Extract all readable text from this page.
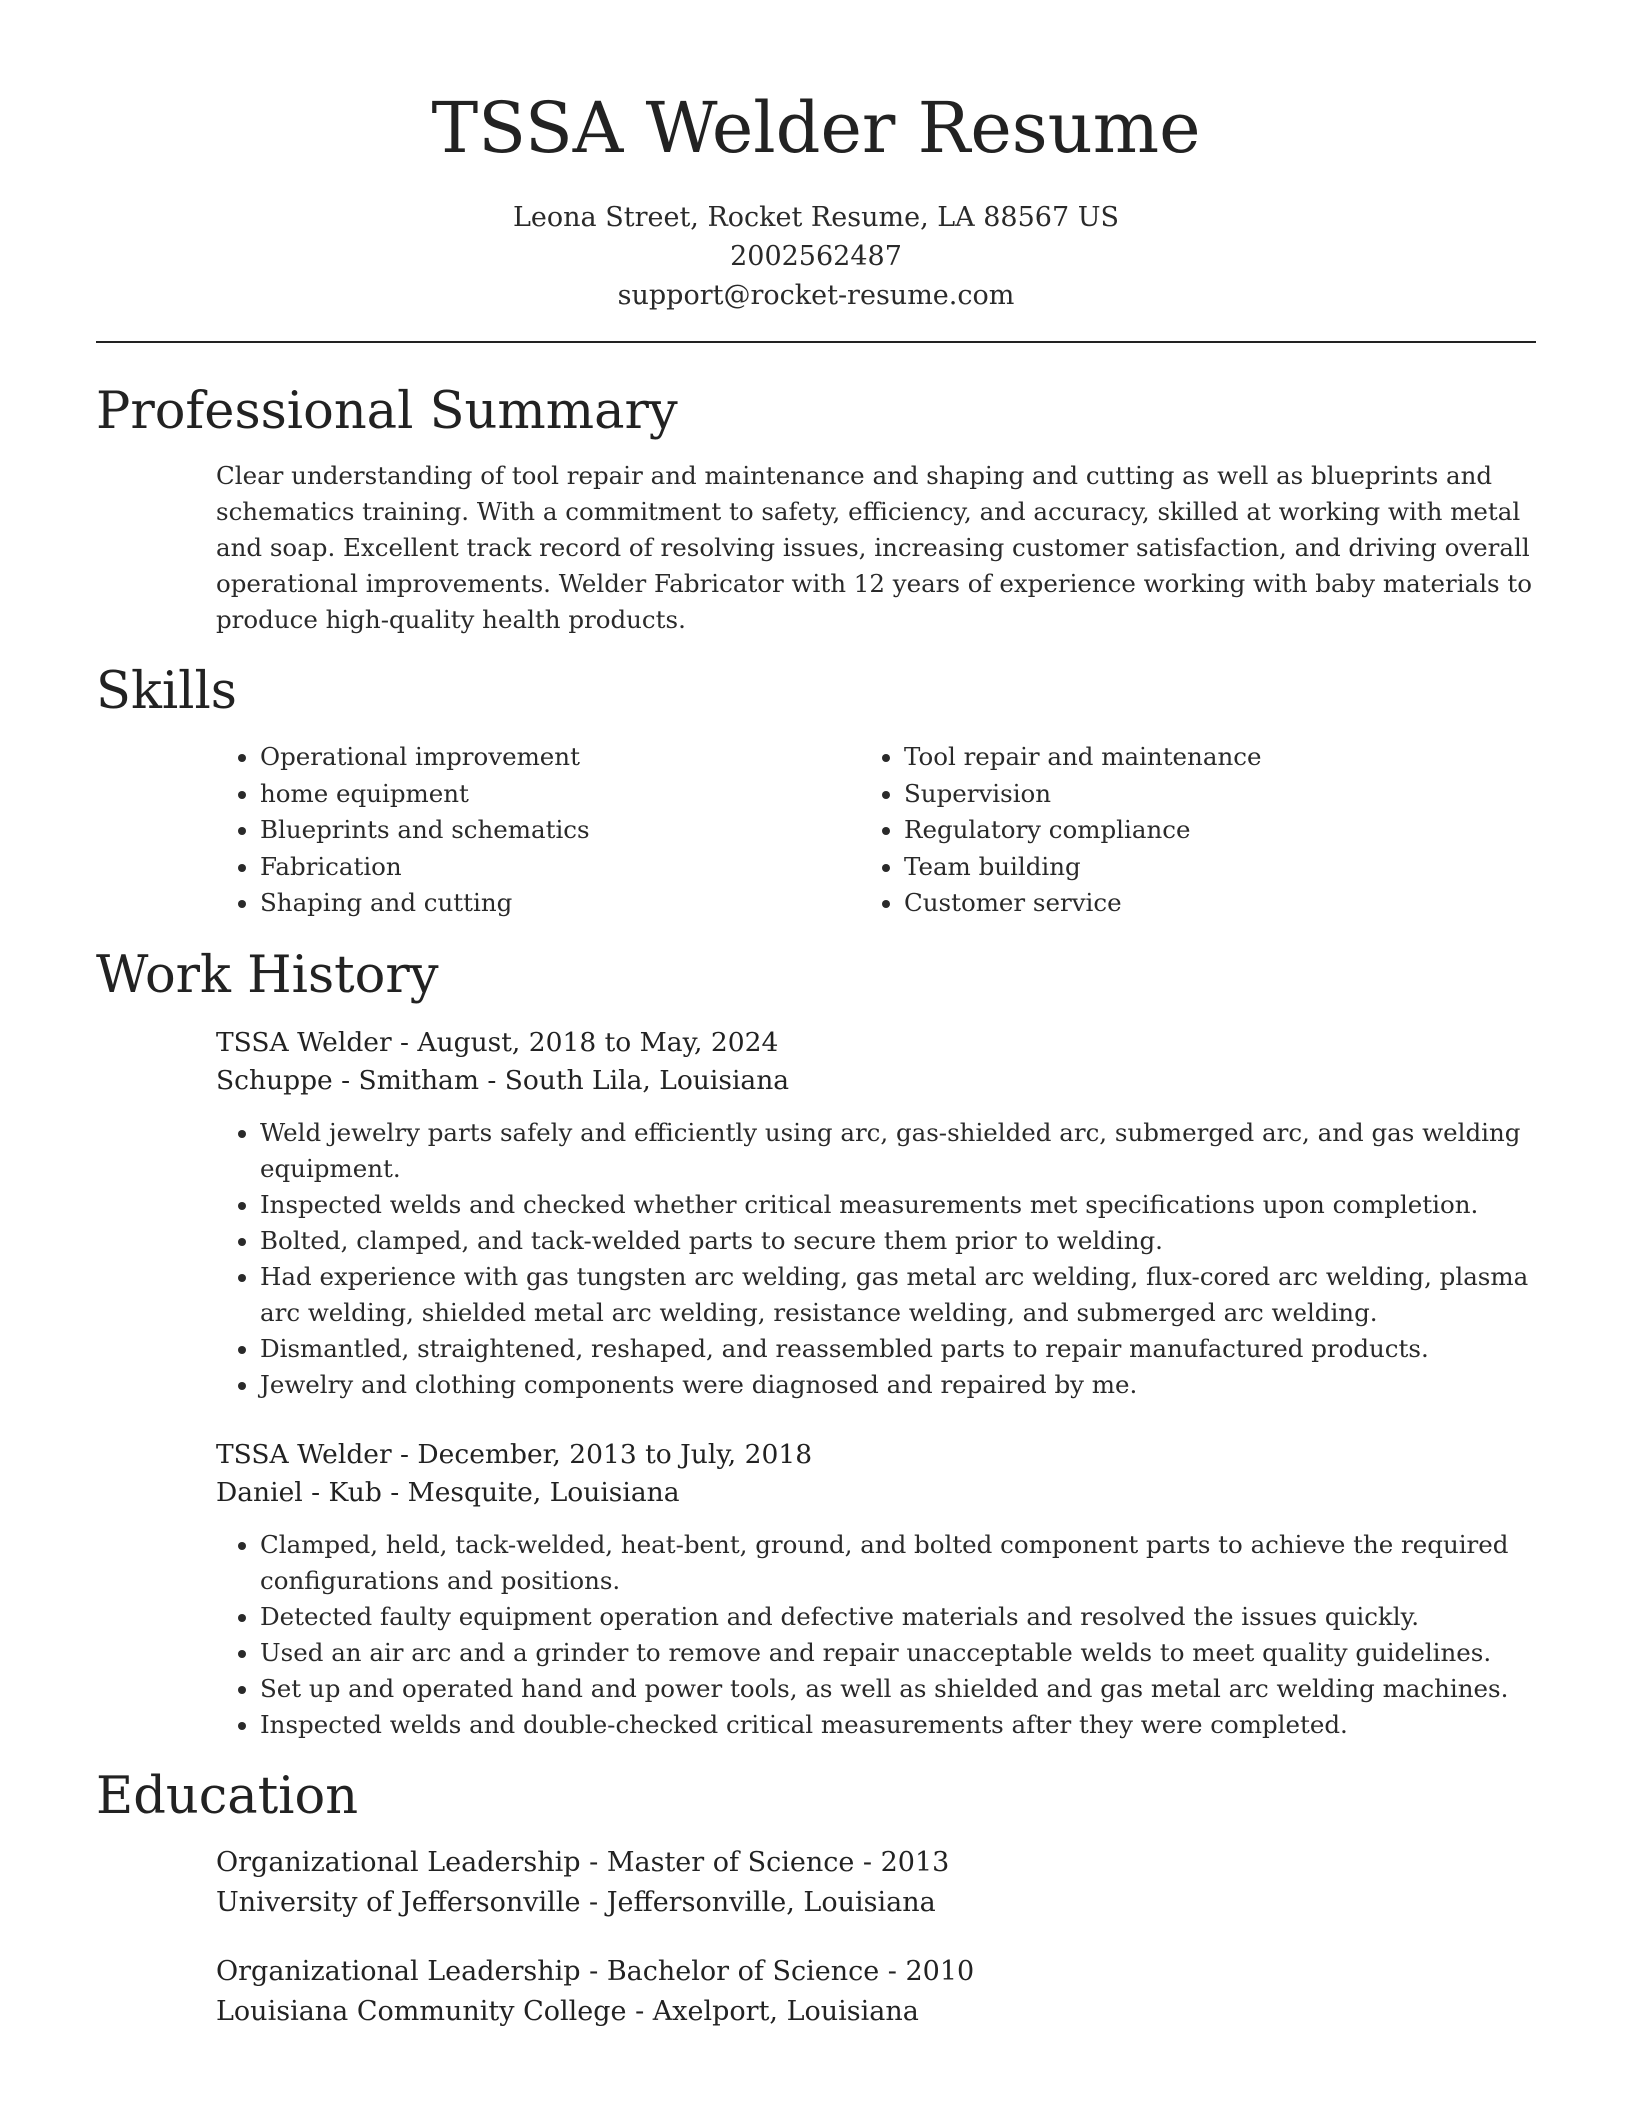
TSSA Welder Resume
Leona Street, Rocket Resume, LA 88567 US
2002562487
support@rocket-resume.com
Professional Summary
Clear understanding of tool repair and maintenance and shaping and cutting as well as blueprints and schematics training. With a commitment to safety, efficiency, and accuracy, skilled at working with metal and soap. Excellent track record of resolving issues, increasing customer satisfaction, and driving overall operational improvements. Welder Fabricator with 12 years of experience working with baby materials to produce high-quality health products.
Skills
• Operational improvement
• home equipment
• Blueprints and schematics
• Fabrication
• Shaping and cutting
• Tool repair and maintenance
• Supervision
• Regulatory compliance
• Team building
• Customer service
Work History
TSSA Welder - August, 2018 to May, 2024
Schuppe - Smitham - South Lila, Louisiana
• Weld jewelry parts safely and efficiently using arc, gas-shielded arc, submerged arc, and gas welding equipment.
• Inspected welds and checked whether critical measurements met specifications upon completion.
• Bolted, clamped, and tack-welded parts to secure them prior to welding.
• Had experience with gas tungsten arc welding, gas metal arc welding, flux-cored arc welding, plasma arc welding, shielded metal arc welding, resistance welding, and submerged arc welding.
• Dismantled, straightened, reshaped, and reassembled parts to repair manufactured products.
• Jewelry and clothing components were diagnosed and repaired by me.
TSSA Welder - December, 2013 to July, 2018
Daniel - Kub - Mesquite, Louisiana
• Clamped, held, tack-welded, heat-bent, ground, and bolted component parts to achieve the required configurations and positions.
• Detected faulty equipment operation and defective materials and resolved the issues quickly.
• Used an air arc and a grinder to remove and repair unacceptable welds to meet quality guidelines.
• Set up and operated hand and power tools, as well as shielded and gas metal arc welding machines.
• Inspected welds and double-checked critical measurements after they were completed.
Education
Organizational Leadership - Master of Science - 2013
University of Jeffersonville - Jeffersonville, Louisiana
Organizational Leadership - Bachelor of Science - 2010
Louisiana Community College - Axelport, Louisiana
